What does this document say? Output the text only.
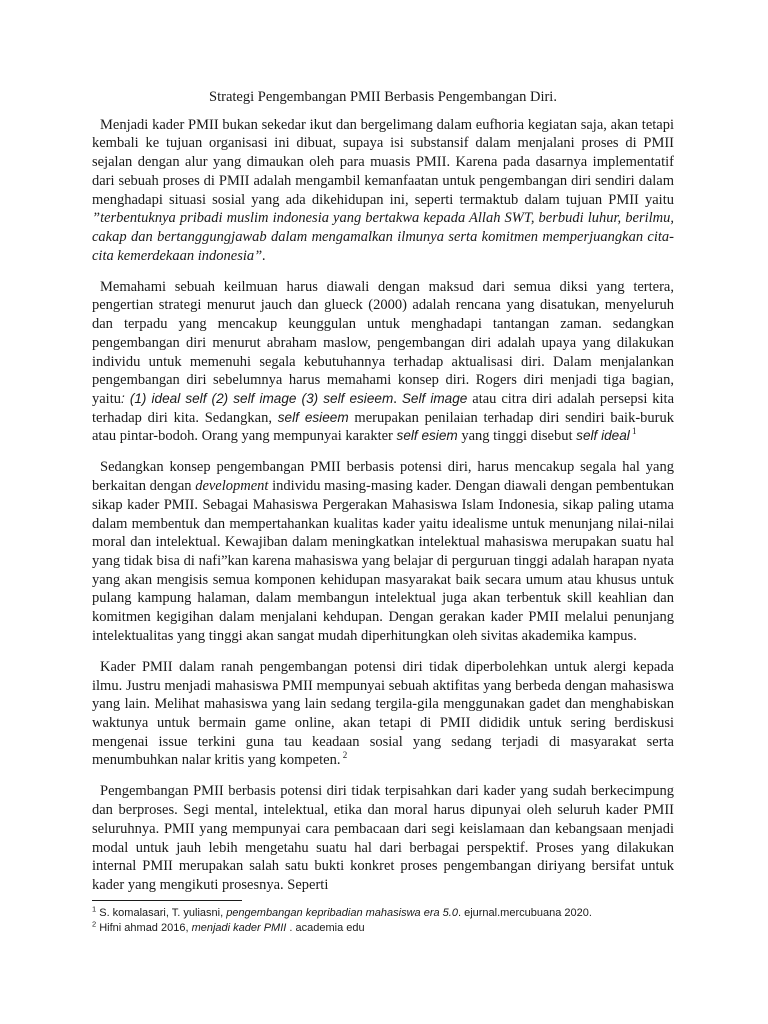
Strategi Pengembangan PMII Berbasis Pengembangan Diri.

Menjadi kader PMII bukan sekedar ikut dan bergelimang dalam eufhoria kegiatan saja, akan tetapi kembali ke tujuan organisasi ini dibuat, supaya isi substansif dalam menjalani proses di PMII sejalan dengan alur yang dimaukan oleh para muasis PMII. Karena pada dasarnya implementatif dari sebuah proses di PMII adalah mengambil kemanfaatan untuk pengembangan diri sendiri dalam menghadapi situasi sosial yang ada dikehidupan ini, seperti termaktub dalam tujuan PMII yaitu ”terbentuknya pribadi muslim indonesia yang bertakwa kepada Allah SWT, berbudi luhur, berilmu, cakap dan bertanggungjawab dalam mengamalkan ilmunya serta komitmen memperjuangkan cita-cita kemerdekaan indonesia”.

Memahami sebuah keilmuan harus diawali dengan maksud dari semua diksi yang tertera, pengertian strategi menurut jauch dan glueck (2000) adalah rencana yang disatukan, menyeluruh dan terpadu yang mencakup keunggulan untuk menghadapi tantangan zaman. sedangkan pengembangan diri menurut abraham maslow, pengembangan diri adalah upaya yang dilakukan individu untuk memenuhi segala kebutuhannya terhadap aktualisasi diri. Dalam menjalankan pengembangan diri sebelumnya harus memahami konsep diri. Rogers diri menjadi tiga bagian, yaitu: (1) ideal self (2) self image (3) self esieem. Self image atau citra diri adalah persepsi kita terhadap diri kita. Sedangkan, self esieem merupakan penilaian terhadap diri sendiri baik-buruk atau pintar-bodoh. Orang yang mempunyai karakter self esiem yang tinggi disebut self ideal $^1$

Sedangkan konsep pengembangan PMII berbasis potensi diri, harus mencakup segala hal yang berkaitan dengan development individu masing-masing kader. Dengan diawali dengan pembentukan sikap kader PMII. Sebagai Mahasiswa Pergerakan Mahasiswa Islam Indonesia, sikap paling utama dalam membentuk dan mempertahankan kualitas kader yaitu idealisme untuk menunjang nilai-nilai moral dan intelektual. Kewajiban dalam meningkatkan intelektual mahasiswa merupakan suatu hal yang tidak bisa di nafi”kan karena mahasiswa yang belajar di perguruan tinggi adalah harapan nyata yang akan mengisis semua komponen kehidupan masyarakat baik secara umum atau khusus untuk pulang kampung halaman, dalam membangun intelektual juga akan terbentuk skill keahlian dan komitmen kegigihan dalam menjalani kehdupan. Dengan gerakan kader PMII melalui penunjang intelektualitas yang tinggi akan sangat mudah diperhitungkan oleh sivitas akademika kampus.

Kader PMII dalam ranah pengembangan potensi diri tidak diperbolehkan untuk alergi kepada ilmu. Justru menjadi mahasiswa PMII mempunyai sebuah aktifitas yang berbeda dengan mahasiswa yang lain. Melihat mahasiswa yang lain sedang tergila-gila menggunakan gadet dan menghabiskan waktunya untuk bermain game online, akan tetapi di PMII dididik untuk sering berdiskusi mengenai issue terkini guna tau keadaan sosial yang sedang terjadi di masyarakat serta menumbuhkan nalar kritis yang kompeten. $^2$

Pengembangan PMII berbasis potensi diri tidak terpisahkan dari kader yang sudah berkecimpung dan berproses. Segi mental, intelektual, etika dan moral harus dipunyai oleh seluruh kader PMII seluruhnya. PMII yang mempunyai cara pembacaan dari segi keislamaan dan kebangsaan menjadi modal untuk jauh lebih mengetahu suatu hal dari berbagai perspektif. Proses yang dilakukan internal PMII merupakan salah satu bukti konkret proses pengembangan diriyang bersifat untuk kader yang mengikuti prosesnya. Seperti

$^1$ S. komalasari, T. yuliasni, pengembangan kepribadian mahasiswa era 5.0. ejurnal.mercubuana 2020.

$^2$ Hifni ahmad 2016, menjadi kader PMII . academia edu
